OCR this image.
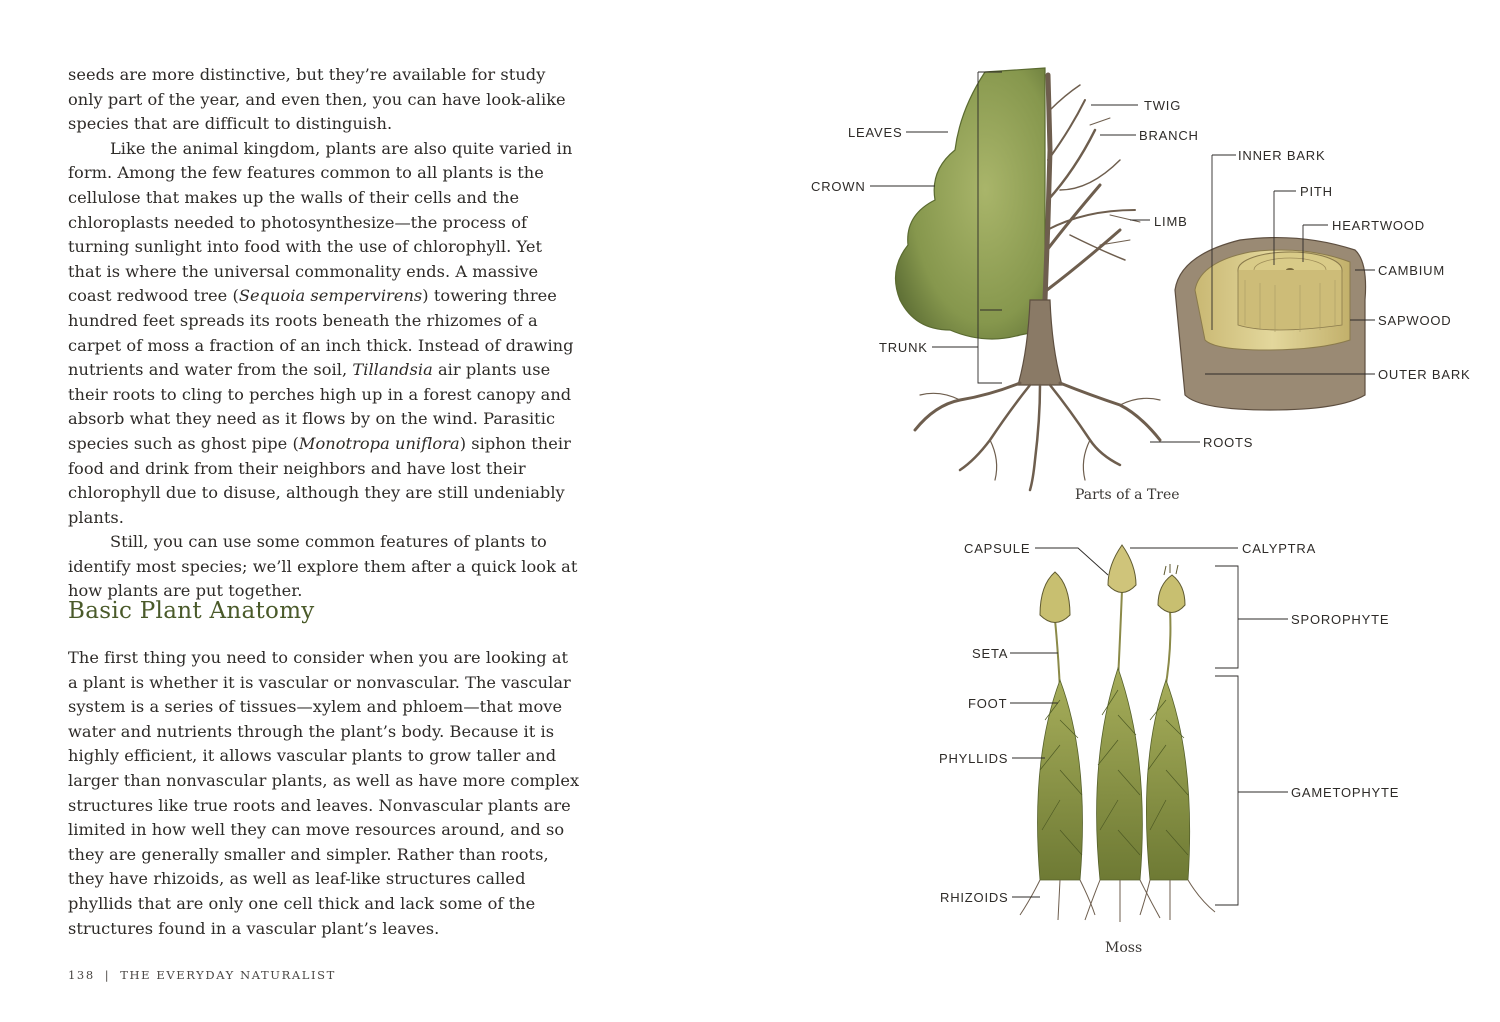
seeds are more distinctive, but they’re available for study only part of the year, and even then, you can have look-alike species that are difficult to distinguish.

Like the animal kingdom, plants are also quite varied in form. Among the few features common to all plants is the cellulose that makes up the walls of their cells and the chloroplasts needed to photosynthesize—the process of turning sunlight into food with the use of chlorophyll. Yet that is where the universal commonality ends. A massive coast redwood tree (Sequoia sempervirens) towering three hundred feet spreads its roots beneath the rhizomes of a carpet of moss a fraction of an inch thick. Instead of drawing nutrients and water from the soil, Tillandsia air plants use their roots to cling to perches high up in a forest canopy and absorb what they need as it flows by on the wind. Parasitic species such as ghost pipe (Monotropa uniflora) siphon their food and drink from their neighbors and have lost their chlorophyll due to disuse, although they are still undeniably plants.

Still, you can use some common features of plants to identify most species; we’ll explore them after a quick look at how plants are put together.

Basic Plant Anatomy

The first thing you need to consider when you are looking at a plant is whether it is vascular or nonvascular. The vascular system is a series of tissues—xylem and phloem—that move water and nutrients through the plant’s body. Because it is highly efficient, it allows vascular plants to grow taller and larger than nonvascular plants, as well as have more complex structures like true roots and leaves. Nonvascular plants are limited in how well they can move resources around, and so they are generally smaller and simpler. Rather than roots, they have rhizoids, as well as leaf-like structures called phyllids that are only one cell thick and lack some of the structures found in a vascular plant’s leaves.

138 | THE EVERYDAY NATURALIST
LEAVES
CROWN
TRUNK
TWIG
BRANCH
LIMB
ROOTS
INNER BARK
PITH
HEARTWOOD
CAMBIUM
SAPWOOD
OUTER BARK
Parts of a Tree
CAPSULE	CALYPTRA
SPOROPHYTE
SETA
FOOT
PHYLLIDS
GAMETOPHYTE
RHIZOIDS
Moss
